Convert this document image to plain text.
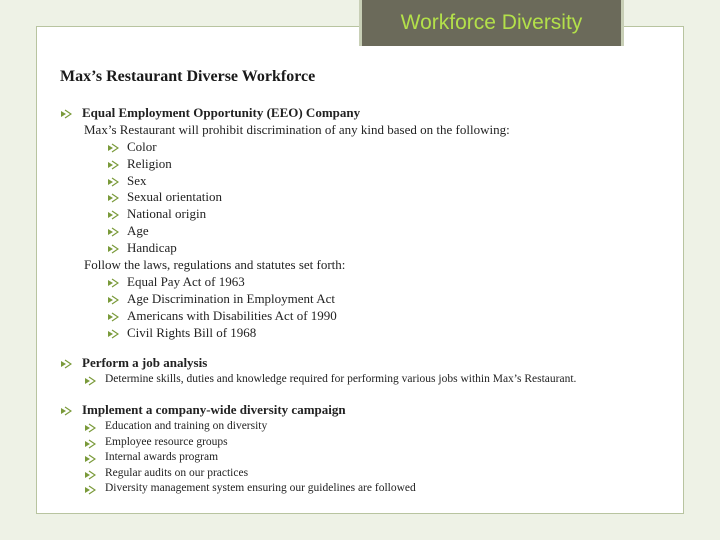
Workforce Diversity
Max’s Restaurant Diverse Workforce
Equal Employment Opportunity (EEO) Company
Max’s Restaurant will prohibit discrimination of any kind based on the following:
Color
Religion
Sex
Sexual orientation
National origin
Age
Handicap
Follow the laws, regulations and statutes set forth:
Equal Pay Act of 1963
Age Discrimination in Employment Act
Americans with Disabilities Act of 1990
Civil Rights Bill of 1968
Perform a job analysis
Determine skills, duties and knowledge required for performing various jobs within Max’s Restaurant.
Implement a company-wide diversity campaign
Education and training on diversity
Employee resource groups
Internal awards program
Regular audits on our practices
Diversity management system ensuring our guidelines are followed
